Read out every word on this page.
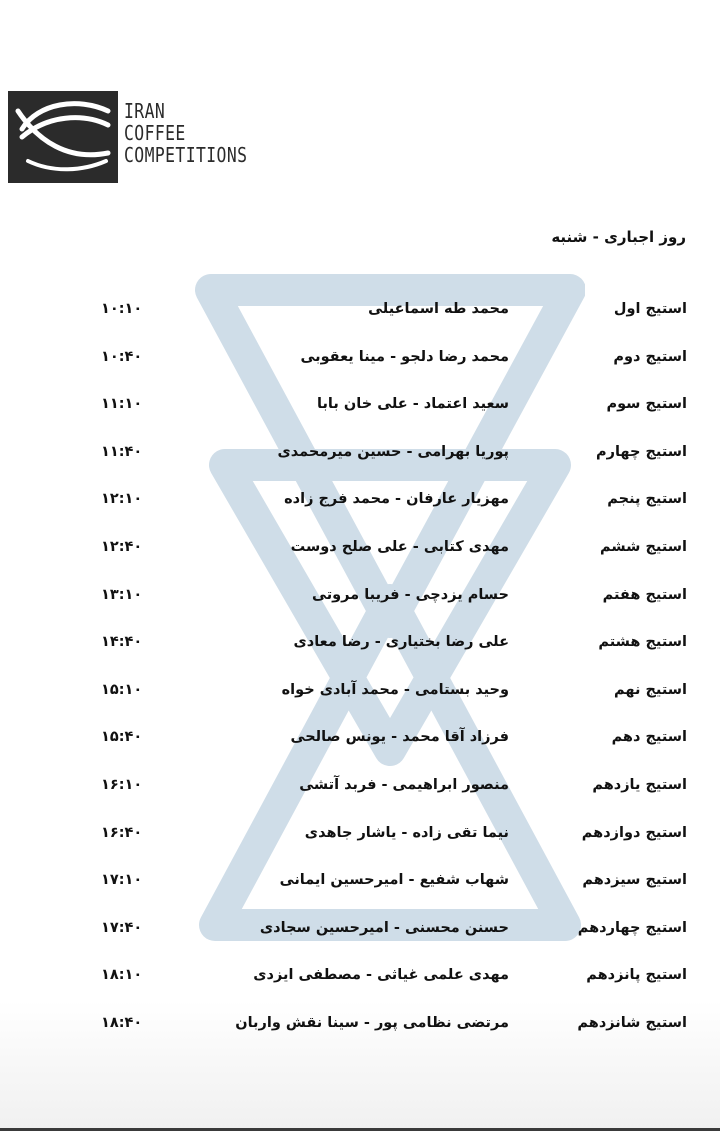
IRAN
COFFEE
COMPETITIONS
روز اجباری - شنبه
استیج اول
محمد طه اسماعیلی
۱۰:۱۰
استیج دوم
محمد رضا دلجو - مینا یعقوبی
۱۰:۴۰
استیج سوم
سعید اعتماد - علی خان بابا
۱۱:۱۰
استیج چهارم
پوریا بهرامی - حسین میرمحمدی
۱۱:۴۰
استیج پنجم
مهزیار عارفان - محمد فرج زاده
۱۲:۱۰
استیج ششم
مهدی کتابی - علی صلح دوست
۱۲:۴۰
استیج هفتم
حسام یزدچی - فریبا مروتی
۱۳:۱۰
استیج هشتم
علی رضا بختیاری - رضا معادی
۱۴:۴۰
استیج نهم
وحید بستامی - محمد آبادی خواه
۱۵:۱۰
استیج دهم
فرزاد آقا محمد - یونس صالحی
۱۵:۴۰
استیج یازدهم
منصور ابراهیمی - فربد آتشی
۱۶:۱۰
استیج دوازدهم
نیما تقی زاده - یاشار جاهدی
۱۶:۴۰
استیج سیزدهم
شهاب شفیع - امیرحسین ایمانی
۱۷:۱۰
استیج چهاردهم
حسنن محسنی - امیرحسین سجادی
۱۷:۴۰
استیج پانزدهم
مهدی علمی غیاثی - مصطفی ایزدی
۱۸:۱۰
استیج شانزدهم
مرتضی نظامی پور - سینا نقش واربان
۱۸:۴۰
